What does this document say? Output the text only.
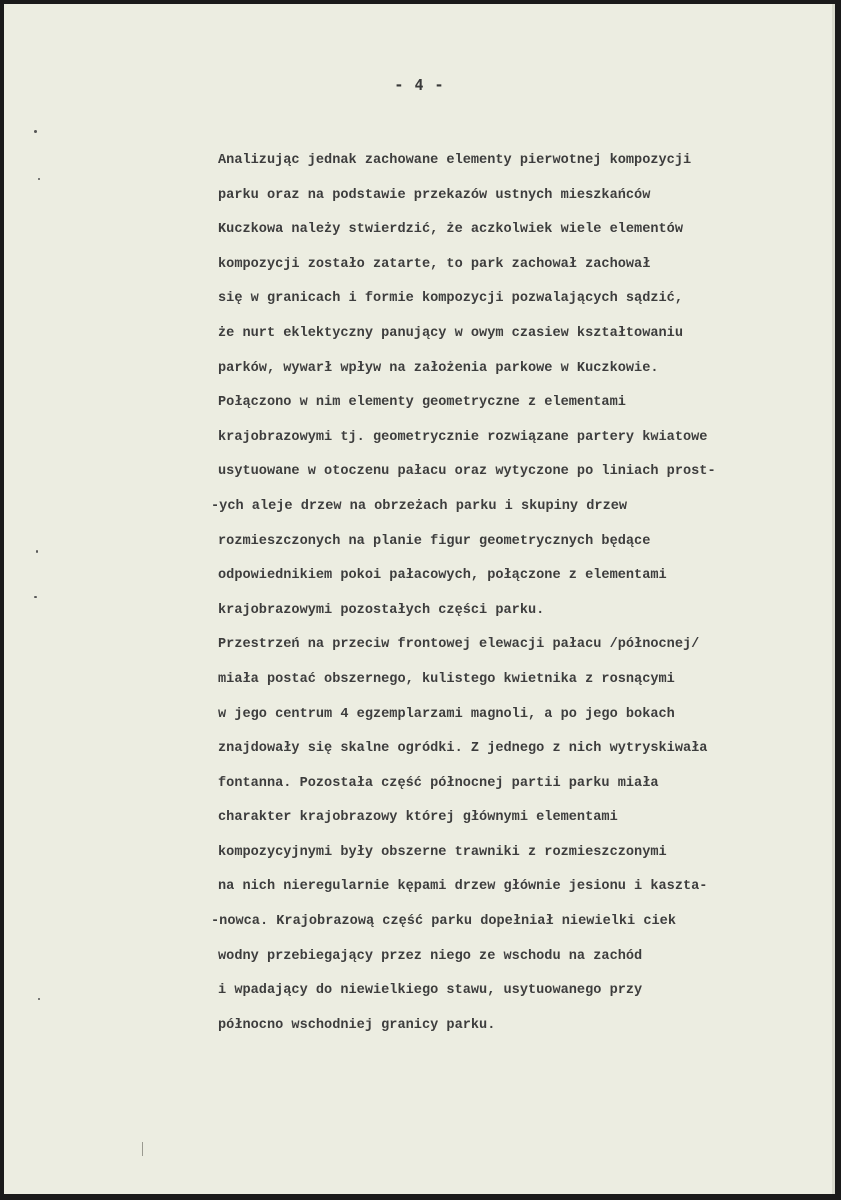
- 4 -
Analizując jednak zachowane elementy pierwotnej kompozycji
parku oraz na podstawie przekazów ustnych mieszkańców
Kuczkowa należy stwierdzić, że aczkolwiek wiele elementów
kompozycji zostało zatarte, to park zachował zachował
się w granicach i formie kompozycji pozwalających sądzić,
że nurt eklektyczny panujący w owym czasiew kształtowaniu
parków, wywarł wpływ na założenia parkowe w Kuczkowie.
Połączono w nim elementy geometryczne z elementami
krajobrazowymi tj. geometrycznie rozwiązane partery kwiatowe
usytuowane w otoczenu pałacu oraz wytyczone po liniach prost-
-ych aleje drzew na obrzeżach parku i skupiny drzew
rozmieszczonych na planie figur geometrycznych będące
odpowiednikiem pokoi pałacowych, połączone z elementami
krajobrazowymi pozostałych części parku.
Przestrzeń na przeciw frontowej elewacji pałacu /północnej/
miała postać obszernego, kulistego kwietnika z rosnącymi
w jego centrum 4 egzemplarzami magnoli, a po jego bokach
znajdowały się skalne ogródki. Z jednego z nich wytryskiwała
fontanna. Pozostała część północnej partii parku miała
charakter krajobrazowy której głównymi elementami
kompozycyjnymi były obszerne trawniki z rozmieszczonymi
na nich nieregularnie kępami drzew głównie jesionu i kaszta-
-nowca. Krajobrazową część parku dopełniał niewielki ciek
wodny przebiegający przez niego ze wschodu na zachód
i wpadający do niewielkiego stawu, usytuowanego przy
północno wschodniej granicy parku.
